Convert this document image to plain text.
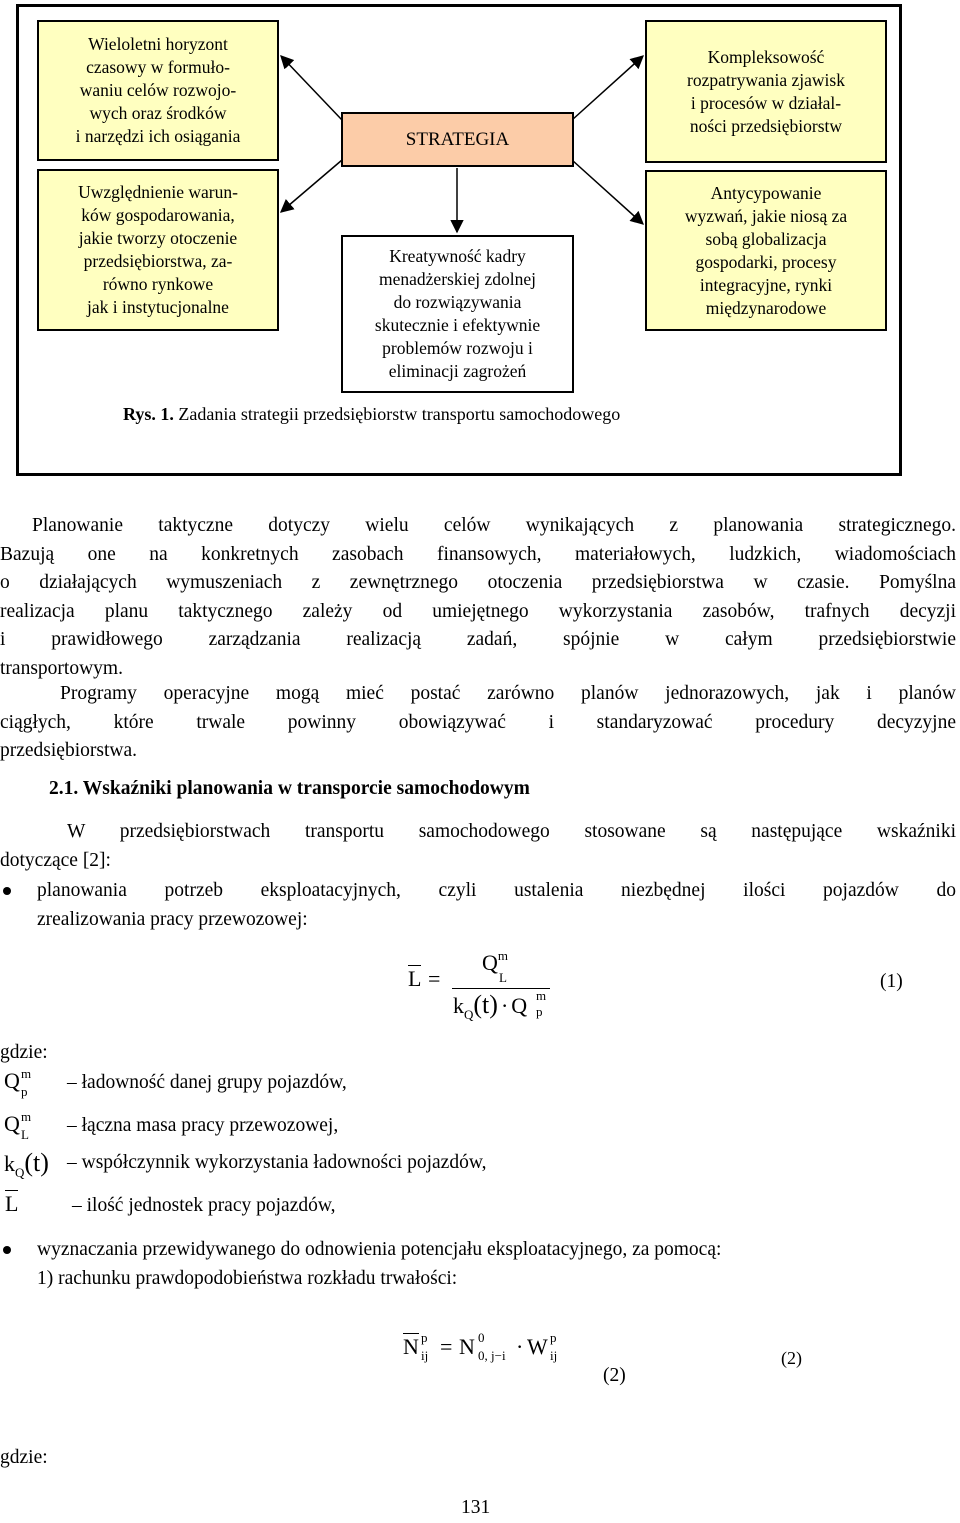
Wieloletni horyzont
czasowy w formuło-
waniu celów rozwojo-
wych oraz środków
i narzędzi ich osiągania
Uwzględnienie warun-
ków gospodarowania,
jakie tworzy otoczenie
przedsiębiorstwa, za-
równo rynkowe
jak i instytucjonalne
STRATEGIA
Kreatywność kadry
menadżerskiej zdolnej
do rozwiązywania
skutecznie i efektywnie
problemów rozwoju i
eliminacji zagrożeń
Kompleksowość
rozpatrywania zjawisk
i procesów w działal-
ności przedsiębiorstw
Antycypowanie
wyzwań, jakie niosą za
sobą globalizacja
gospodarki, procesy
integracyjne, rynki
międzynarodowe
Rys. 1. Zadania strategii przedsiębiorstw transportu samochodowego
Planowanie taktyczne dotyczy wielu celów wynikających z planowania strategicznego.
Bazują one na konkretnych zasobach finansowych, materiałowych, ludzkich, wiadomościach
o działających wymuszeniach z zewnętrznego otoczenia przedsiębiorstwa w czasie. Pomyślna
realizacja planu taktycznego zależy od umiejętnego wykorzystania zasobów, trafnych decyzji
i prawidłowego zarządzania realizacją zadań, spójnie w całym przedsiębiorstwie
transportowym.
Programy operacyjne mogą mieć postać zarówno planów jednorazowych, jak i planów
ciągłych, które trwale powinny obowiązywać i standaryzować procedury decyzyjne
przedsiębiorstwa.
2.1. Wskaźniki planowania w transporcie samochodowym
W przedsiębiorstwach transportu samochodowego stosowane są następujące wskaźniki
dotyczące [2]:
planowania potrzeb eksploatacyjnych, czyli ustalenia niezbędnej ilości pojazdów do
zrealizowania pracy przewozowej:
L =
$Q^m$
L
$k_Q(t) \cdot Q$ m
p
(1)
gdzie:
Q m
p – ładowność danej grupy pojazdów,
Q m
L – łączna masa pracy przewozowej,
$k_Q(t)$ – współczynnik wykorzystania ładowności pojazdów,
L	– ilość jednostek pracy pojazdów,
wyznaczania przewidywanego do odnowienia potencjału eksploatacyjnego, za pomocą:
1) rachunku prawdopodobieństwa rozkładu trwałości:
N p
ij = N 0
0, j−i · W p
ij
(2)
(2)
gdzie:
131
